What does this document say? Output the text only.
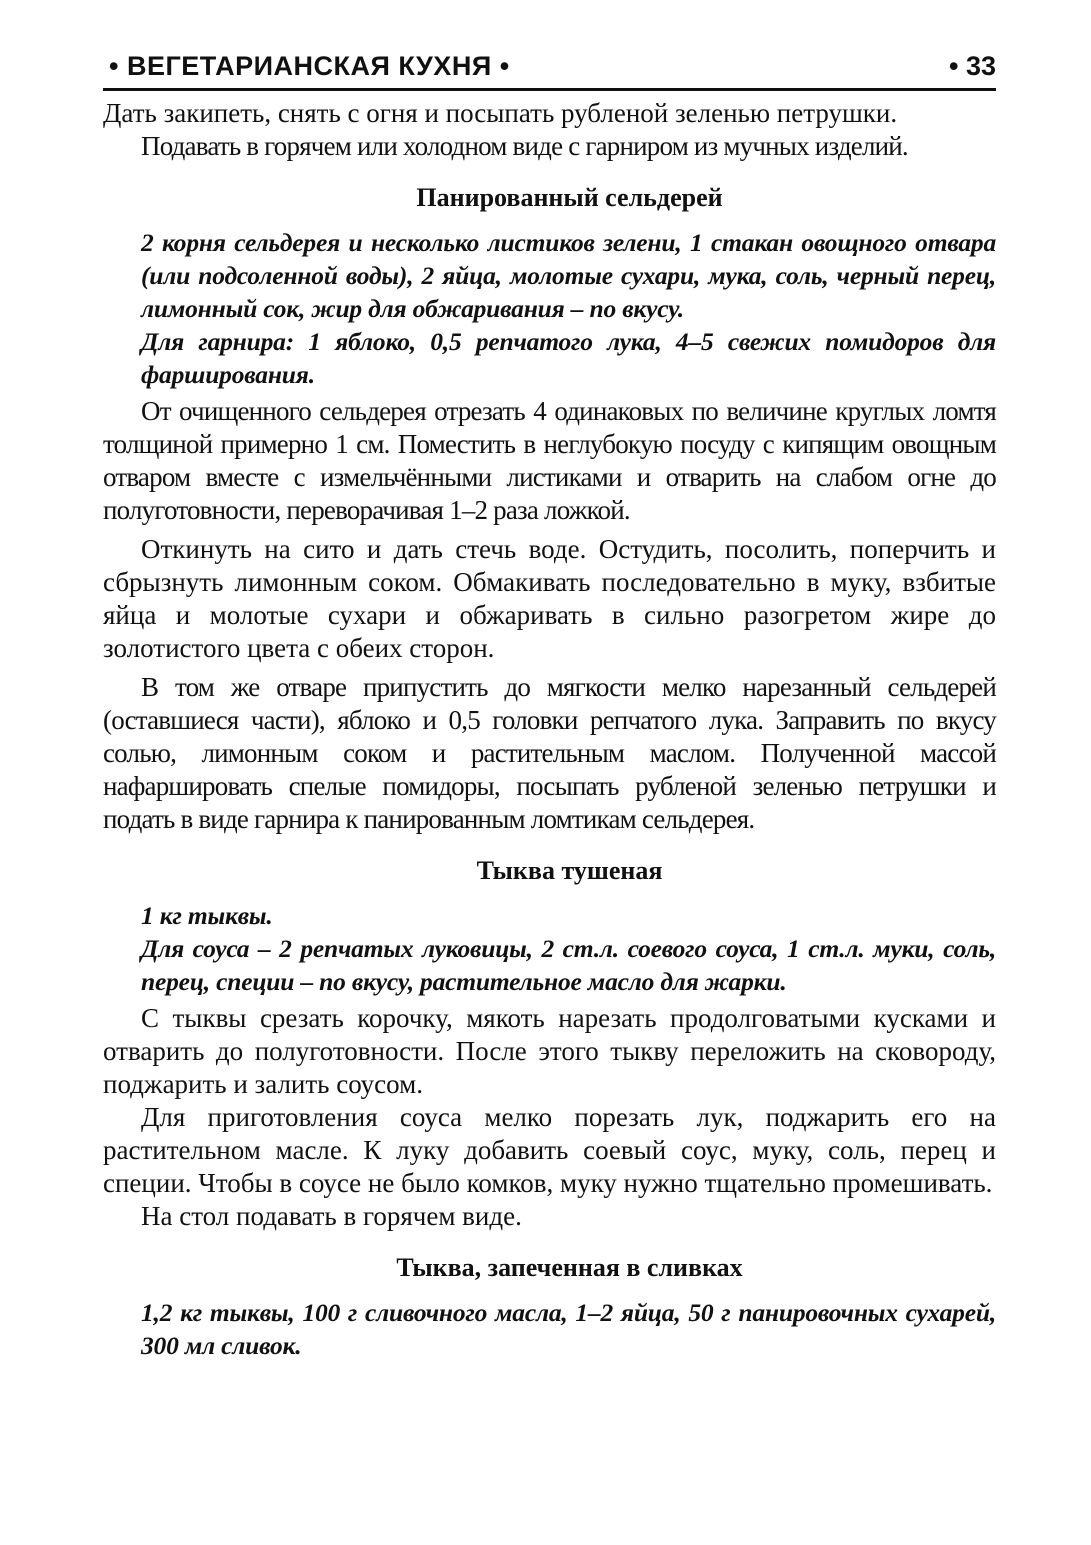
• ВЕГЕТАРИАНСКАЯ КУХНЯ •	• 33

Дать закипеть, снять с огня и посыпать рубленой зеленью петрушки.

Подавать в горячем или холодном виде с гарниром из мучных изделий.

Панированный сельдерей

2 корня сельдерея и несколько листиков зелени, 1 стакан овощного отвара (или подсоленной воды), 2 яйца, молотые сухари, мука, соль, черный перец, лимонный сок, жир для обжаривания – по вкусу.

Для гарнира: 1 яблоко, 0,5 репчатого лука, 4–5 свежих помидоров для фарширования.

От очищенного сельдерея отрезать 4 одинаковых по величине круглых ломтя толщиной примерно 1 см. Поместить в неглубокую посуду с кипящим овощным отваром вместе с измельчёнными листиками и отварить на слабом огне до полуготовности, переворачивая 1–2 раза ложкой.

Откинуть на сито и дать стечь воде. Остудить, посолить, поперчить и сбрызнуть лимонным соком. Обмакивать последовательно в муку, взбитые яйца и молотые сухари и обжаривать в сильно разогретом жире до золотистого цвета с обеих сторон.

В том же отваре припустить до мягкости мелко нарезанный сельдерей (оставшиеся части), яблоко и 0,5 головки репчатого лука. Заправить по вкусу солью, лимонным соком и растительным маслом. Полученной массой нафаршировать спелые помидоры, посыпать рубленой зеленью петрушки и подать в виде гарнира к панированным ломтикам сельдерея.

Тыква тушеная

1 кг тыквы.

Для соуса – 2 репчатых луковицы, 2 ст.л. соевого соуса, 1 ст.л. муки, соль, перец, специи – по вкусу, растительное масло для жарки.

С тыквы срезать корочку, мякоть нарезать продолговатыми кусками и отварить до полуготовности. После этого тыкву переложить на сковороду, поджарить и залить соусом.

Для приготовления соуса мелко порезать лук, поджарить его на растительном масле. К луку добавить соевый соус, муку, соль, перец и специи. Чтобы в соусе не было комков, муку нужно тщательно промешивать.

На стол подавать в горячем виде.

Тыква, запеченная в сливках

1,2 кг тыквы, 100 г сливочного масла, 1–2 яйца, 50 г панировочных сухарей, 300 мл сливок.
